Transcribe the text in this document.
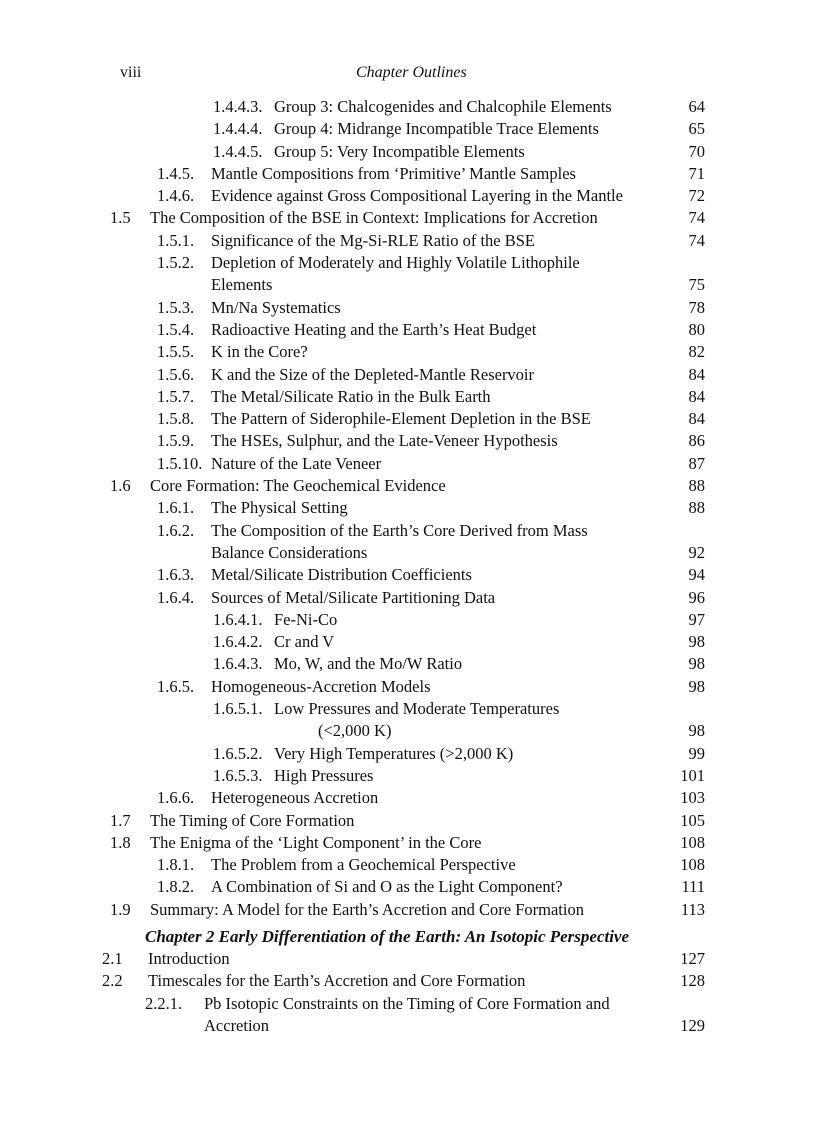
viii	Chapter Outlines
1.4.4.3. Group 3: Chalcogenides and Chalcophile Elements	64
1.4.4.4. Group 4: Midrange Incompatible Trace Elements	65
1.4.4.5. Group 5: Very Incompatible Elements	70
1.4.5. Mantle Compositions from ‘Primitive’ Mantle Samples	71
1.4.6. Evidence against Gross Compositional Layering in the Mantle	72
1.5 The Composition of the BSE in Context: Implications for Accretion	74
1.5.1. Significance of the Mg-Si-RLE Ratio of the BSE	74
1.5.2. Depletion of Moderately and Highly Volatile Lithophile
Elements	75
1.5.3. Mn/Na Systematics	78
1.5.4. Radioactive Heating and the Earth’s Heat Budget	80
1.5.5. K in the Core?	82
1.5.6. K and the Size of the Depleted-Mantle Reservoir	84
1.5.7. The Metal/Silicate Ratio in the Bulk Earth	84
1.5.8. The Pattern of Siderophile-Element Depletion in the BSE	84
1.5.9. The HSEs, Sulphur, and the Late-Veneer Hypothesis	86
1.5.10. Nature of the Late Veneer	87
1.6 Core Formation: The Geochemical Evidence	88
1.6.1. The Physical Setting	88
1.6.2. The Composition of the Earth’s Core Derived from Mass
Balance Considerations	92
1.6.3. Metal/Silicate Distribution Coefficients	94
1.6.4. Sources of Metal/Silicate Partitioning Data	96
1.6.4.1. Fe-Ni-Co	97
1.6.4.2. Cr and V	98
1.6.4.3. Mo, W, and the Mo/W Ratio	98
1.6.5. Homogeneous-Accretion Models	98
1.6.5.1. Low Pressures and Moderate Temperatures
(<2,000 K)	98
1.6.5.2. Very High Temperatures (>2,000 K)	99
1.6.5.3. High Pressures	101
1.6.6. Heterogeneous Accretion	103
1.7 The Timing of Core Formation	105
1.8 The Enigma of the ‘Light Component’ in the Core	108
1.8.1. The Problem from a Geochemical Perspective	108
1.8.2. A Combination of Si and O as the Light Component?	111
1.9 Summary: A Model for the Earth’s Accretion and Core Formation	113
Chapter 2 Early Differentiation of the Earth: An Isotopic Perspective
2.1 Introduction	127
2.2 Timescales for the Earth’s Accretion and Core Formation	128
2.2.1. Pb Isotopic Constraints on the Timing of Core Formation and
Accretion	129
